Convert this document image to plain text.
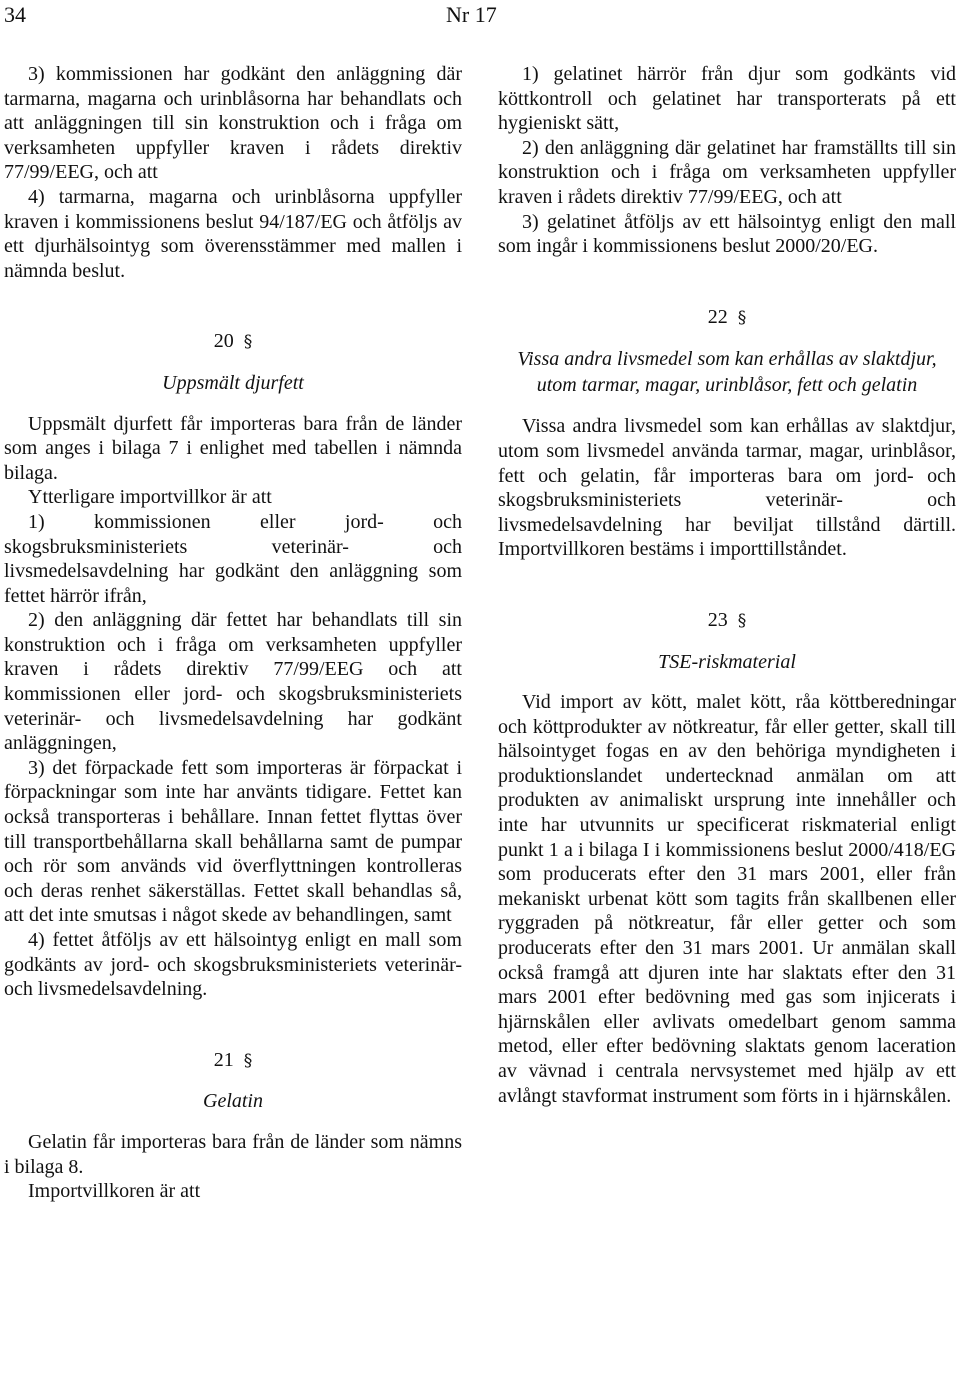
34	Nr 17

3) kommissionen har godkänt den anläggning där tarmarna, magarna och urinblåsorna har behandlats och att anläggningen till sin konstruktion och i fråga om verksamheten uppfyller kraven i rådets direktiv 77/99/EEG, och att

4) tarmarna, magarna och urinblåsorna uppfyller kraven i kommissionens beslut 94/187/EG och åtföljs av ett djurhälsointyg som överensstämmer med mallen i nämnda beslut.

20 §
Uppsmält djurfett

Uppsmält djurfett får importeras bara från de länder som anges i bilaga 7 i enlighet med tabellen i nämnda bilaga.

Ytterligare importvillkor är att

1) kommissionen eller jord- och skogsbruksministeriets veterinär- och livsmedelsavdelning har godkänt den anläggning som fettet härrör ifrån,

2) den anläggning där fettet har behandlats till sin konstruktion och i fråga om verksamheten uppfyller kraven i rådets direktiv 77/99/EEG och att kommissionen eller jord- och skogsbruksministeriets veterinär- och livsmedelsavdelning har godkänt anläggningen,

3) det förpackade fett som importeras är förpackat i förpackningar som inte har använts tidigare. Fettet kan också transporteras i behållare. Innan fettet flyttas över till transportbehållarna skall behållarna samt de pumpar och rör som används vid överflyttningen kontrolleras och deras renhet säkerställas. Fettet skall behandlas så, att det inte smutsas i något skede av behandlingen, samt

4) fettet åtföljs av ett hälsointyg enligt en mall som godkänts av jord- och skogsbruksministeriets veterinär- och livsmedelsavdelning.

21 §
Gelatin

Gelatin får importeras bara från de länder som nämns i bilaga 8.

Importvillkoren är att

1) gelatinet härrör från djur som godkänts vid köttkontroll och gelatinet har transporterats på ett hygieniskt sätt,

2) den anläggning där gelatinet har framställts till sin konstruktion och i fråga om verksamheten uppfyller kraven i rådets direktiv 77/99/EEG, och att

3) gelatinet åtföljs av ett hälsointyg enligt den mall som ingår i kommissionens beslut 2000/20/EG.

22 §
Vissa andra livsmedel som kan erhållas av slaktdjur, utom tarmar, magar, urinblåsor, fett och gelatin

Vissa andra livsmedel som kan erhållas av slaktdjur, utom som livsmedel använda tarmar, magar, urinblåsor, fett och gelatin, får importeras bara om jord- och skogsbruksministeriets veterinär- och livsmedelsavdelning har beviljat tillstånd därtill. Importvillkoren bestäms i importtillståndet.

23 §
TSE-riskmaterial

Vid import av kött, malet kött, råa köttberedningar och köttprodukter av nötkreatur, får eller getter, skall till hälsointyget fogas en av den behöriga myndigheten i produktionslandet undertecknad anmälan om att produkten av animaliskt ursprung inte innehåller och inte har utvunnits ur specificerat riskmaterial enligt punkt 1 a i bilaga I i kommissionens beslut 2000/418/EG som producerats efter den 31 mars 2001, eller från mekaniskt urbenat kött som tagits från skallbenen eller ryggraden på nötkreatur, får eller getter och som producerats efter den 31 mars 2001. Ur anmälan skall också framgå att djuren inte har slaktats efter den 31 mars 2001 efter bedövning med gas som injicerats i hjärnskålen eller avlivats omedelbart genom samma metod, eller efter bedövning slaktats genom laceration av vävnad i centrala nervsystemet med hjälp av ett avlångt stavformat instrument som förts in i hjärnskålen.
